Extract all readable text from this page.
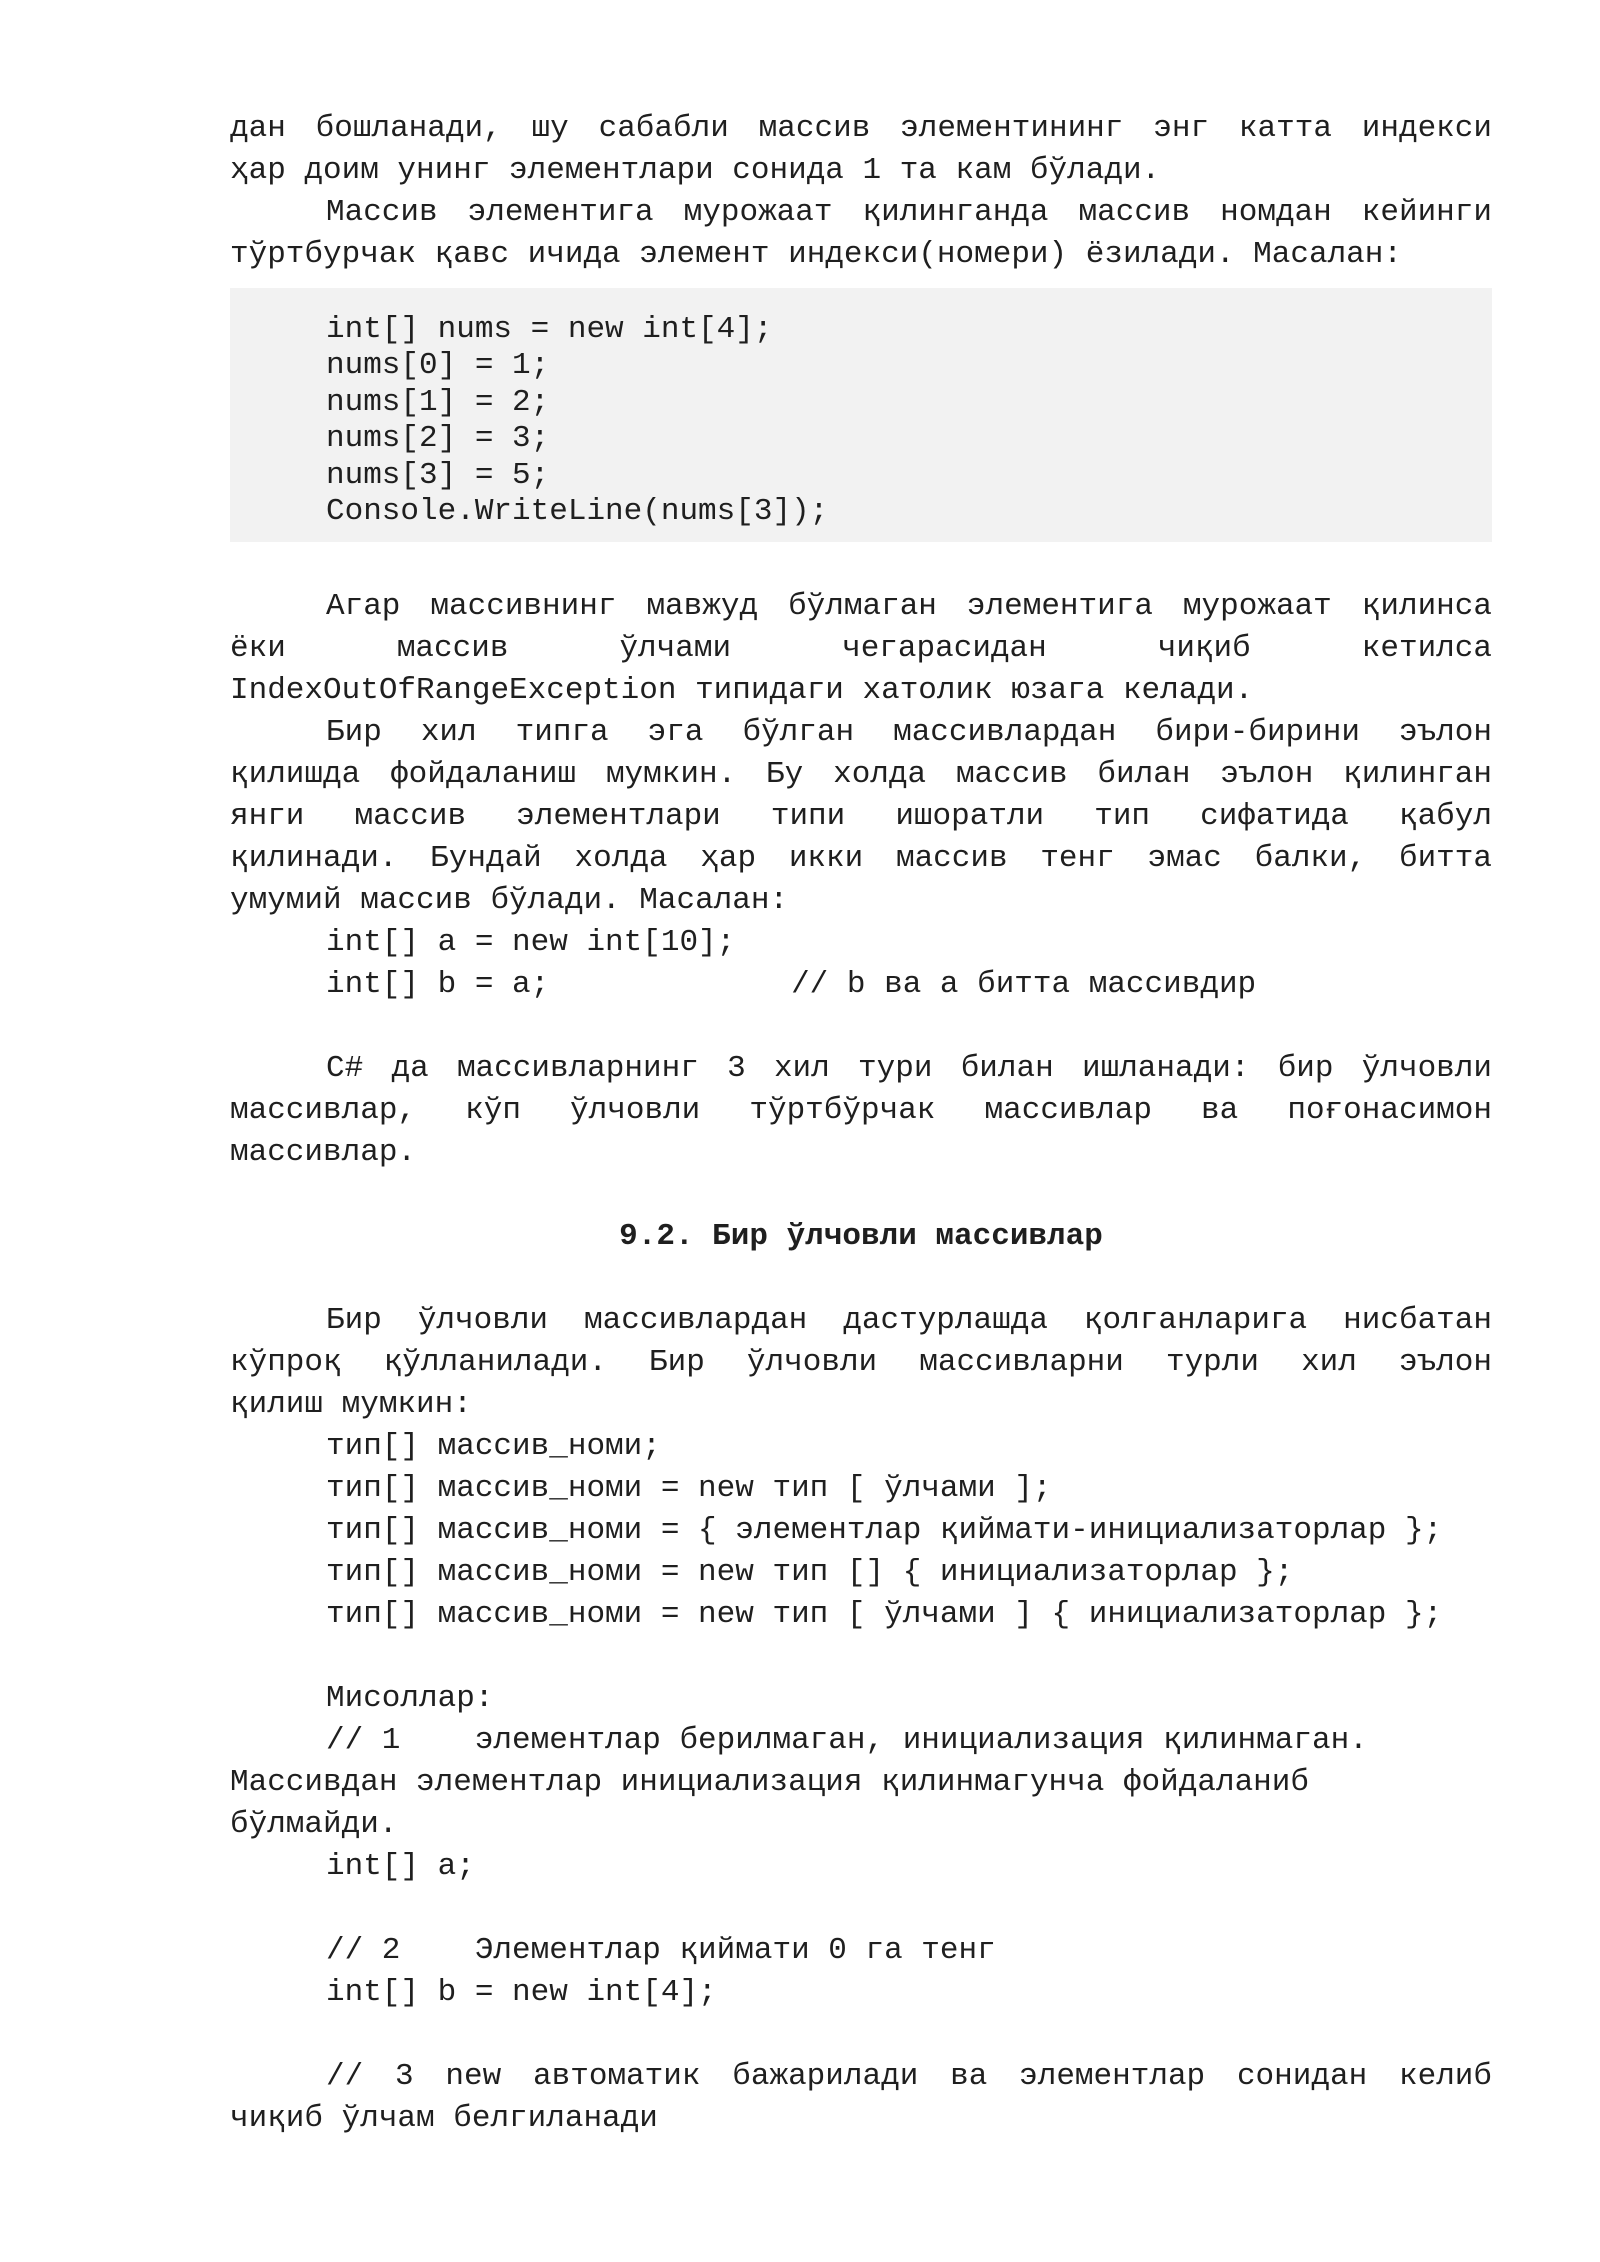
дан бошланади, шу сабабли массив элементининг энг катта индекси
ҳар доим унинг элементлари сонида 1 та кам бўлади.
Массив элементига мурожаат қилинганда массив номдан кейинги
тўртбурчак қавс ичида элемент индекси(номери) ёзилади. Масалан:
int[] nums = new int[4];
nums[0] = 1;
nums[1] = 2;
nums[2] = 3;
nums[3] = 5;
Console.WriteLine(nums[3]);
Агар массивнинг мавжуд бўлмаган элементига мурожаат қилинса
ёки массив ўлчами чегарасидан чиқиб кетилса
IndexOutOfRangeException типидаги хатолик юзага келади.
Бир хил типга эга бўлган массивлардан бири-бирини эълон
қилишда фойдаланиш мумкин. Бу холда массив билан эълон қилинган
янги массив элементлари типи ишоратли тип сифатида қабул
қилинади. Бундай холда ҳар икки массив тенг эмас балки, битта
умумий массив бўлади. Масалан:
int[] a = new int[10];
int[] b = a;             // b ва a битта массивдир
C# да массивларнинг 3 хил тури билан ишланади: бир ўлчовли
массивлар, кўп ўлчовли тўртбўрчак массивлар ва поғонасимон
массивлар.
9.2. Бир ўлчовли массивлар
Бир ўлчовли массивлардан дастурлашда қолганларига нисбатан
кўпроқ қўлланилади. Бир ўлчовли массивларни турли хил эълон
қилиш мумкин:
тип[] массив_номи;
тип[] массив_номи = new тип [ ўлчами ];
тип[] массив_номи = { элементлар қиймати-инициализаторлар };
тип[] массив_номи = new тип [] { инициализаторлар };
тип[] массив_номи = new тип [ ўлчами ] { инициализаторлар };
Мисоллар:
// 1    элементлар берилмаган, инициализация қилинмаган.
Массивдан элементлар инициализация қилинмагунча фойдаланиб
бўлмайди.
int[] a;
// 2    Элементлар қиймати 0 га тенг
int[] b = new int[4];
// 3 new автоматик бажарилади ва элементлар сонидан келиб
чиқиб ўлчам белгиланади
